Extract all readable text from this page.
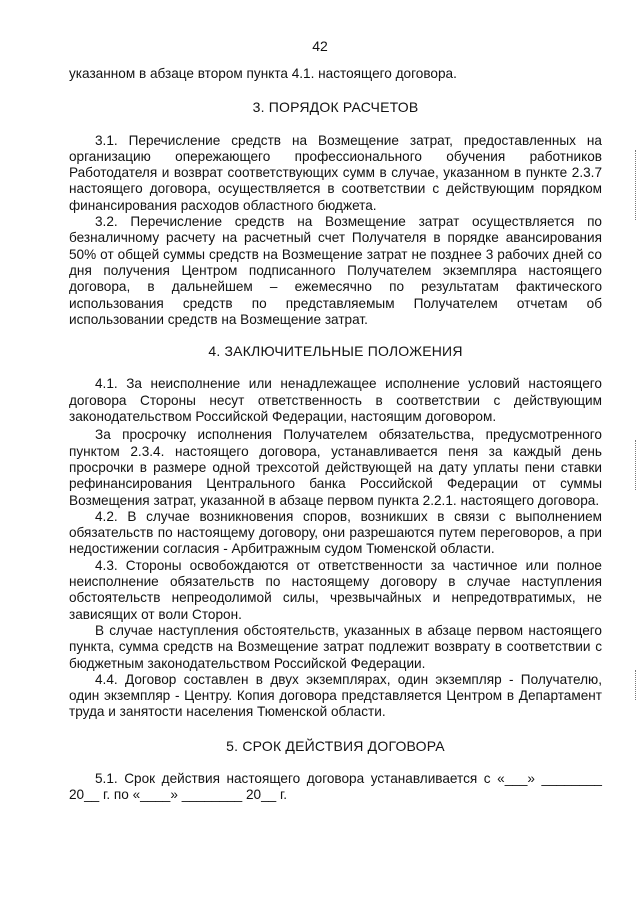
42

указанном в абзаце втором пункта 4.1. настоящего договора.

3. ПОРЯДОК РАСЧЕТОВ

3.1. Перечисление средств на Возмещение затрат, предоставленных на организацию опережающего профессионального обучения работников Работодателя и возврат соответствующих сумм в случае, указанном в пункте 2.3.7 настоящего договора, осуществляется в соответствии с действующим порядком финансирования расходов областного бюджета.

3.2. Перечисление средств на Возмещение затрат осуществляется по безналичному расчету на расчетный счет Получателя в порядке авансирования 50% от общей суммы средств на Возмещение затрат не позднее 3 рабочих дней со дня получения Центром подписанного Получателем экземпляра настоящего договора, в дальнейшем – ежемесячно по результатам фактического использования средств по представляемым Получателем отчетам об использовании средств на Возмещение затрат.

4. ЗАКЛЮЧИТЕЛЬНЫЕ ПОЛОЖЕНИЯ

4.1. За неисполнение или ненадлежащее исполнение условий настоящего договора Стороны несут ответственность в соответствии с действующим законодательством Российской Федерации, настоящим договором.

За просрочку исполнения Получателем обязательства, предусмотренного пунктом 2.3.4. настоящего договора, устанавливается пеня за каждый день просрочки в размере одной трехсотой действующей на дату уплаты пени ставки рефинансирования Центрального банка Российской Федерации от суммы Возмещения затрат, указанной в абзаце первом пункта 2.2.1. настоящего договора.

4.2. В случае возникновения споров, возникших в связи с выполнением обязательств по настоящему договору, они разрешаются путем переговоров, а при недостижении согласия - Арбитражным судом Тюменской области.

4.3. Стороны освобождаются от ответственности за частичное или полное неисполнение обязательств по настоящему договору в случае наступления обстоятельств непреодолимой силы, чрезвычайных и непредотвратимых, не зависящих от воли Сторон.

В случае наступления обстоятельств, указанных в абзаце первом настоящего пункта, сумма средств на Возмещение затрат подлежит возврату в соответствии с бюджетным законодательством Российской Федерации.

4.4. Договор составлен в двух экземплярах, один экземпляр - Получателю, один экземпляр - Центру. Копия договора представляется Центром в Департамент труда и занятости населения Тюменской области.

5. СРОК ДЕЙСТВИЯ ДОГОВОРА

5.1. Срок действия настоящего договора устанавливается с «___» ________ 20__ г. по «____» ________ 20__ г.
